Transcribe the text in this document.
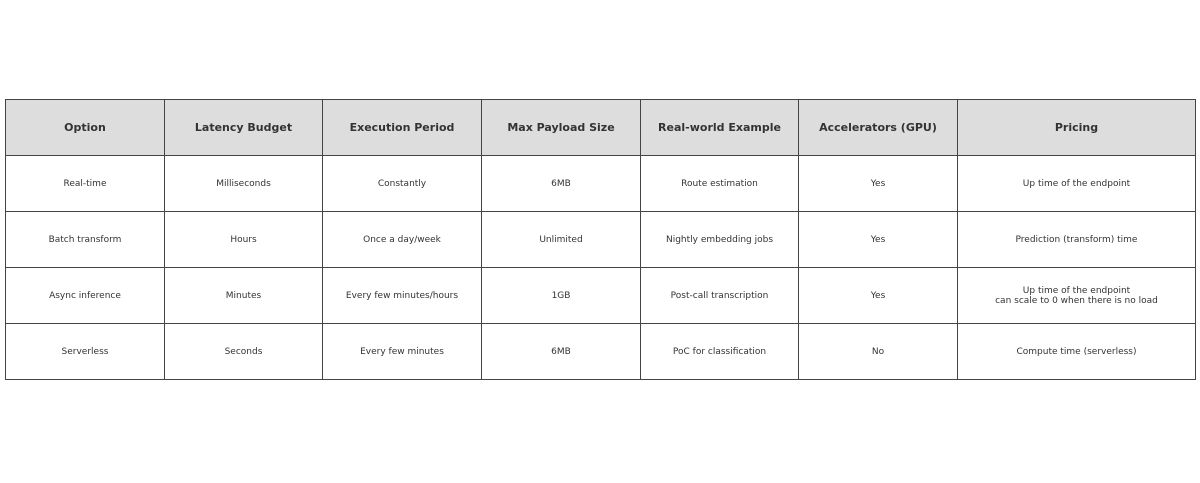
Option	Latency Budget	Execution Period	Max Payload Size	Real-world Example	Accelerators (GPU)	Pricing
Real-time	Milliseconds	Constantly	6MB	Route estimation	Yes	Up time of the endpoint

Batch transform	Hours	Once a day/week	Unlimited	Nightly embedding jobs	Yes	Prediction (transform) time

Async inference	Minutes	Every few minutes/hours	1GB	Post-call transcription	Yes	Up time of the endpoint
can scale to 0 when there is no load

Serverless	Seconds	Every few minutes	6MB	PoC for classification	No	Compute time (serverless)
